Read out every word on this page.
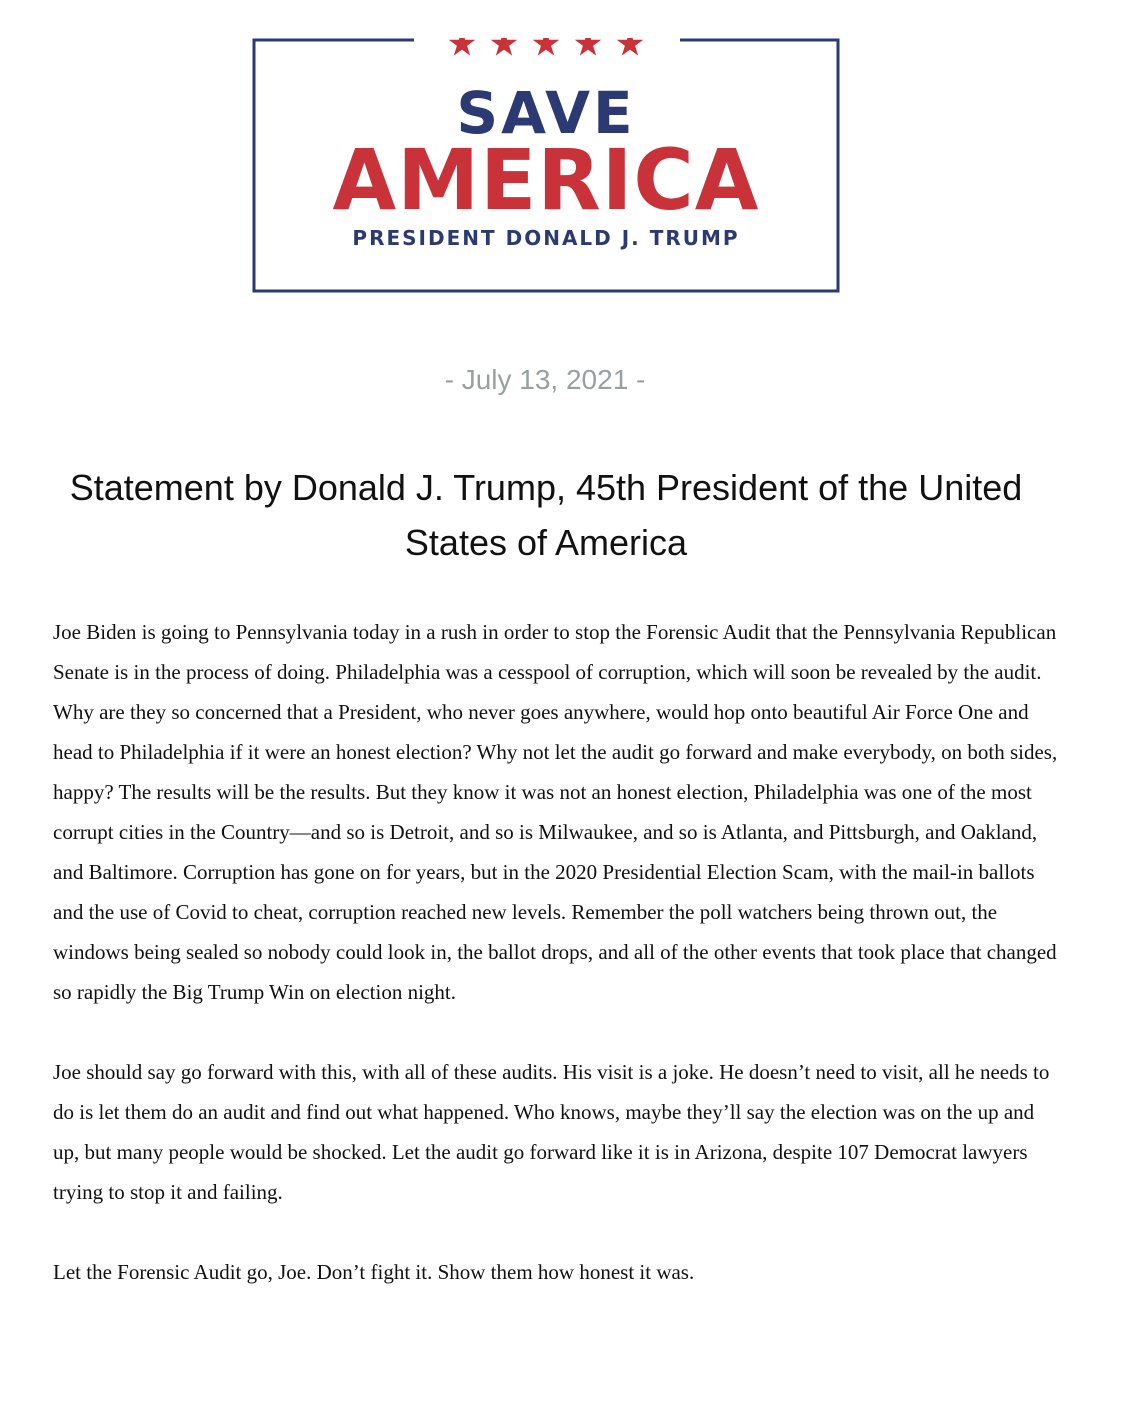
SAVE
AMERICA
PRESIDENT DONALD J. TRUMP

- July 13, 2021 -

Statement by Donald J. Trump, 45th President of the United States of America

Joe Biden is going to Pennsylvania today in a rush in order to stop the Forensic Audit that the Pennsylvania Republican Senate is in the process of doing. Philadelphia was a cesspool of corruption, which will soon be revealed by the audit. Why are they so concerned that a President, who never goes anywhere, would hop onto beautiful Air Force One and head to Philadelphia if it were an honest election? Why not let the audit go forward and make everybody, on both sides, happy? The results will be the results. But they know it was not an honest election, Philadelphia was one of the most corrupt cities in the Country—and so is Detroit, and so is Milwaukee, and so is Atlanta, and Pittsburgh, and Oakland, and Baltimore. Corruption has gone on for years, but in the 2020 Presidential Election Scam, with the mail-in ballots and the use of Covid to cheat, corruption reached new levels. Remember the poll watchers being thrown out, the windows being sealed so nobody could look in, the ballot drops, and all of the other events that took place that changed so rapidly the Big Trump Win on election night.

Joe should say go forward with this, with all of these audits. His visit is a joke. He doesn’t need to visit, all he needs to do is let them do an audit and find out what happened. Who knows, maybe they’ll say the election was on the up and up, but many people would be shocked. Let the audit go forward like it is in Arizona, despite 107 Democrat lawyers trying to stop it and failing.

Let the Forensic Audit go, Joe. Don’t fight it. Show them how honest it was.
